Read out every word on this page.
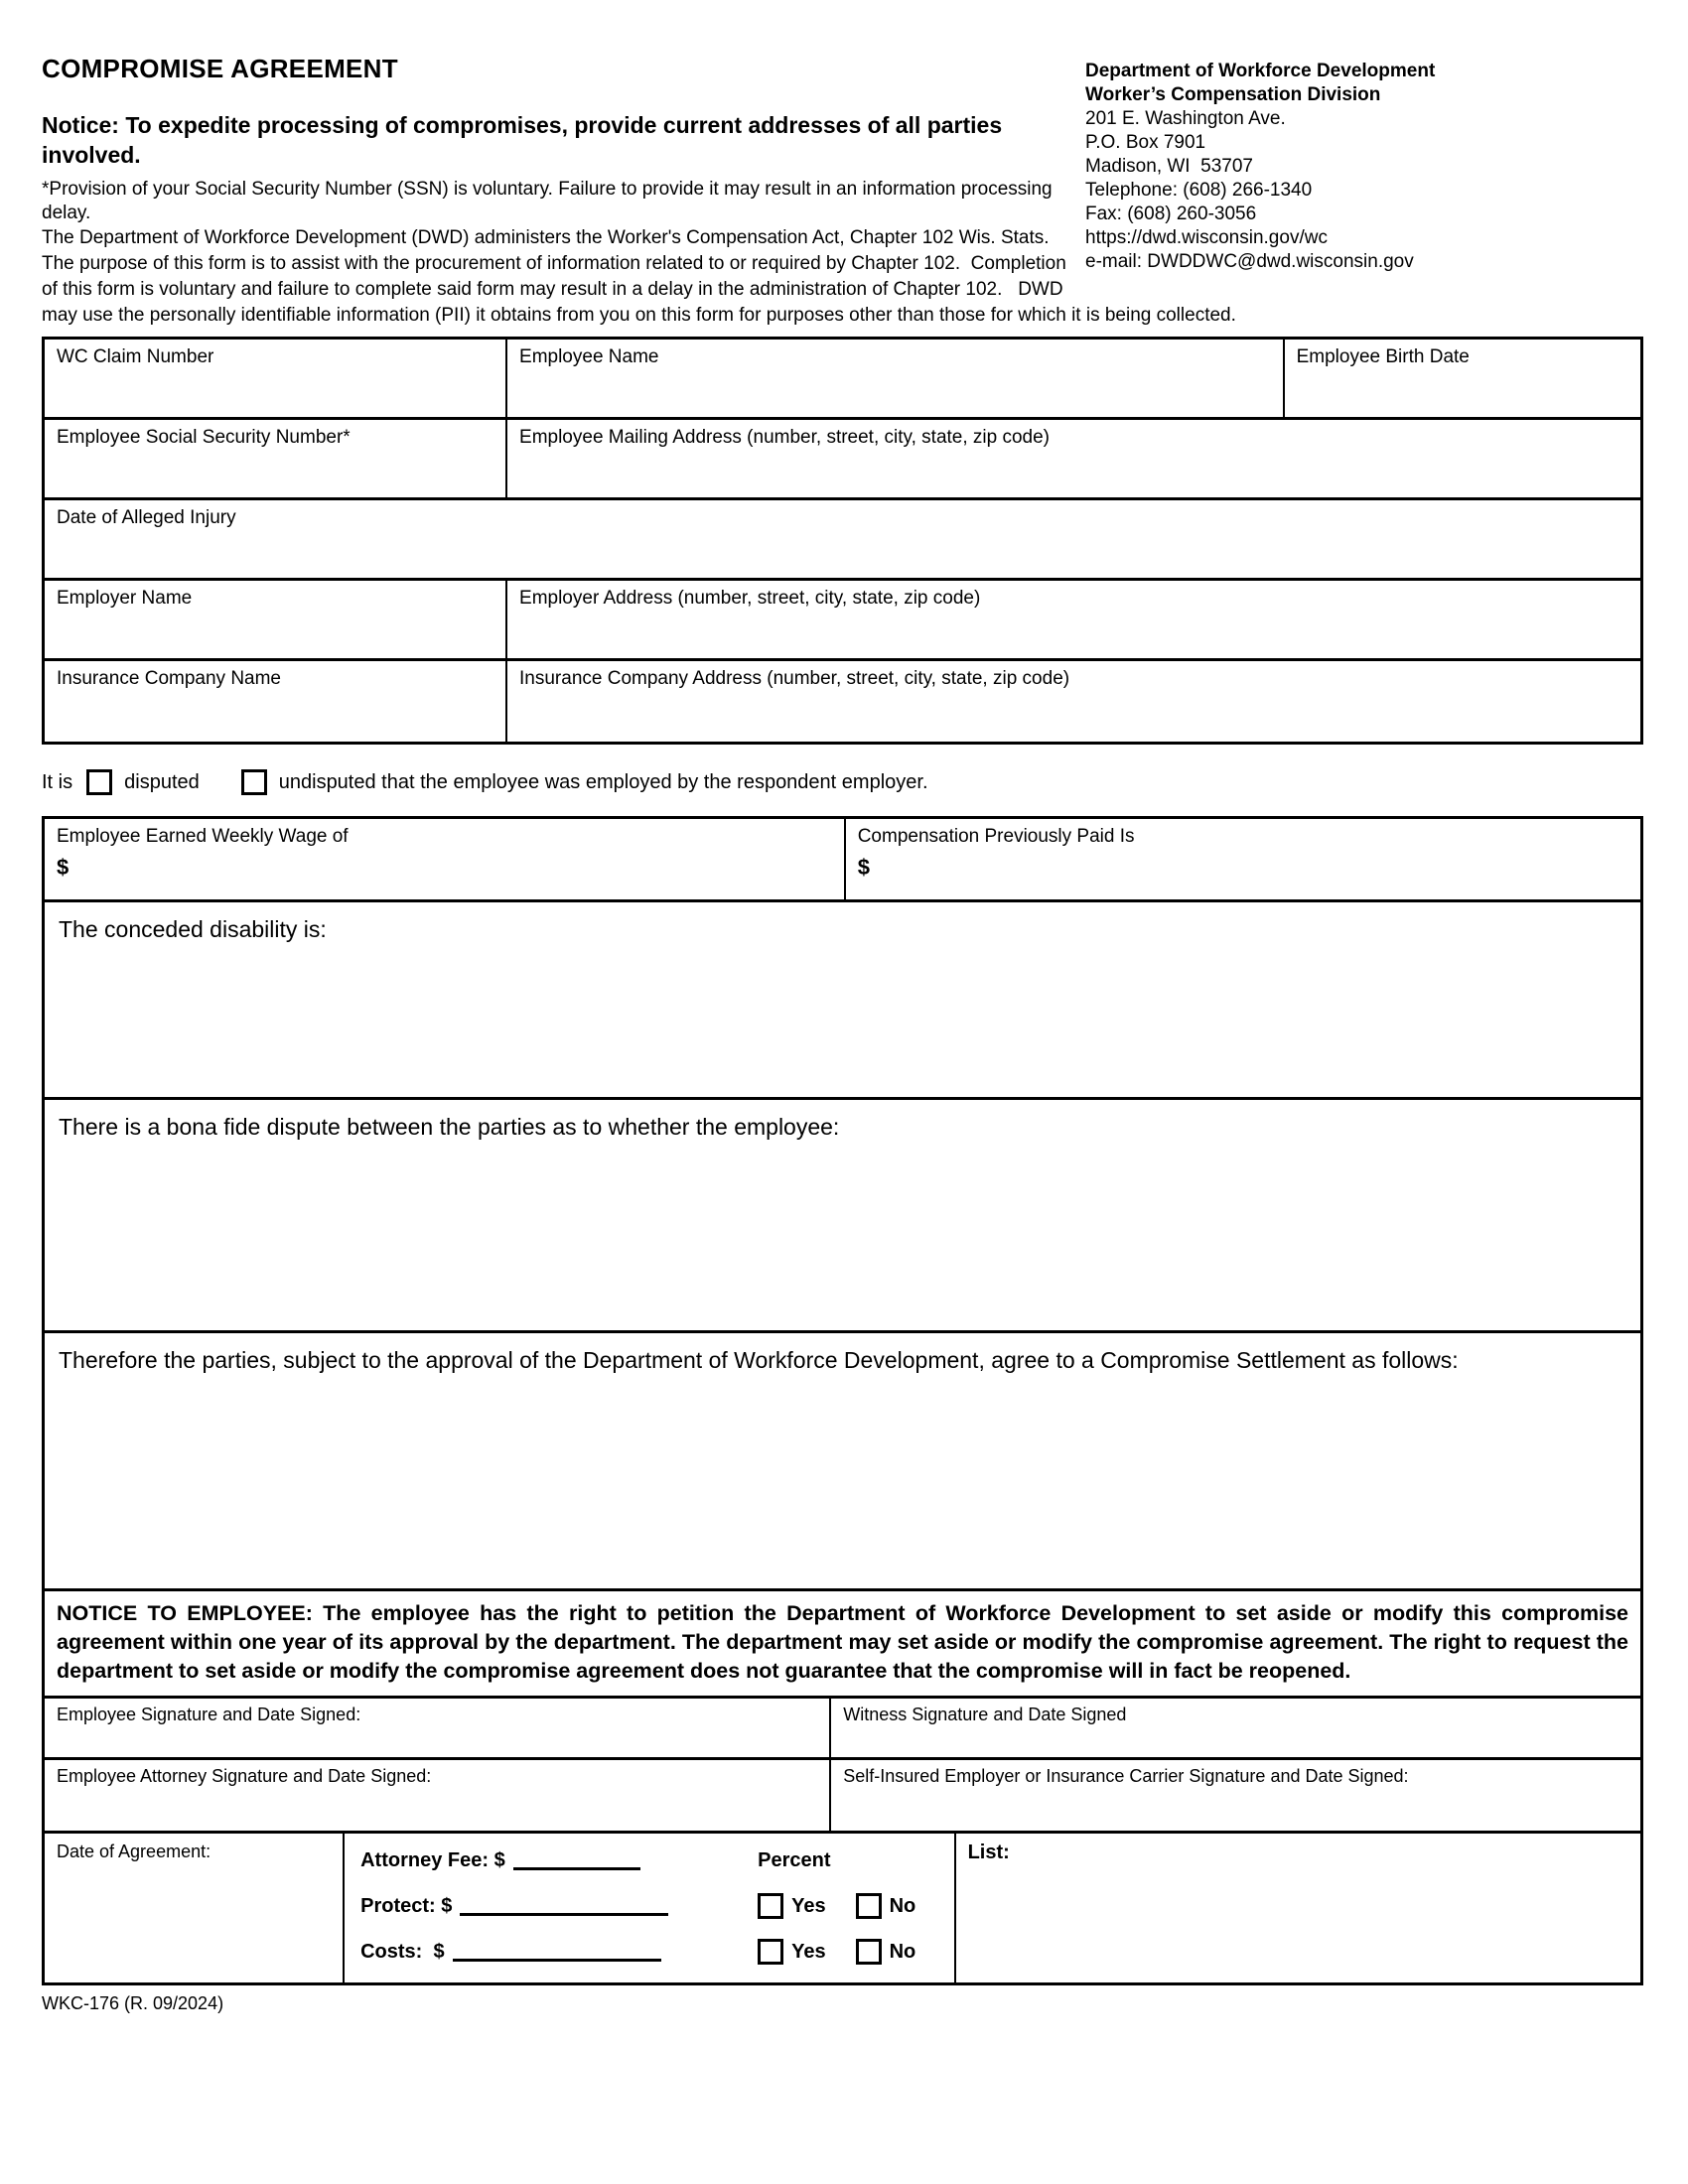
Department of Workforce Development
Worker’s Compensation Division
201 E. Washington Ave.
P.O. Box 7901
Madison, WI  53707
Telephone: (608) 266-1340
Fax: (608) 260-3056
https://dwd.wisconsin.gov/wc
e-mail: DWDDWC@dwd.wisconsin.gov
COMPROMISE AGREEMENT
Notice: To expedite processing of compromises, provide current addresses of all parties involved.
*Provision of your Social Security Number (SSN) is voluntary. Failure to provide it may result in an information processing delay.
The Department of Workforce Development (DWD) administers the Worker's Compensation Act, Chapter 102 Wis. Stats.   The purpose of this form is to assist with the procurement of information related to or required by Chapter 102.  Completion of this form is voluntary and failure to complete said form may result in a delay in the administration of Chapter 102.   DWD may use the personally identifiable information (PII) it obtains from you on this form for purposes other than those for which it is being collected.
WC Claim Number	Employee Name	Employee Birth Date
Employee Social Security Number*	Employee Mailing Address (number, street, city, state, zip code)
Date of Alleged Injury
Employer Name	Employer Address (number, street, city, state, zip code)
Insurance Company Name	Insurance Company Address (number, street, city, state, zip code)
It is	disputed	undisputed that the employee was employed by the respondent employer.
Employee Earned Weekly Wage of
$
Compensation Previously Paid Is
$
The conceded disability is:
There is a bona fide dispute between the parties as to whether the employee:
Therefore the parties, subject to the approval of the Department of Workforce Development, agree to a Compromise Settlement as follows:
NOTICE TO EMPLOYEE: The employee has the right to petition the Department of Workforce Development to set aside or modify this compromise agreement within one year of its approval by the department. The department may set aside or modify the compromise agreement. The right to request the department to set aside or modify the compromise agreement does not guarantee that the compromise will in fact be reopened.
Employee Signature and Date Signed:	Witness Signature and Date Signed
Employee Attorney Signature and Date Signed:	Self-Insured Employer or Insurance Carrier Signature and Date Signed:
Date of Agreement:	Attorney Fee: $	Percent
Protect: $	Yes	No
Costs:  $	Yes	No
List:
WKC-176 (R. 09/2024)
